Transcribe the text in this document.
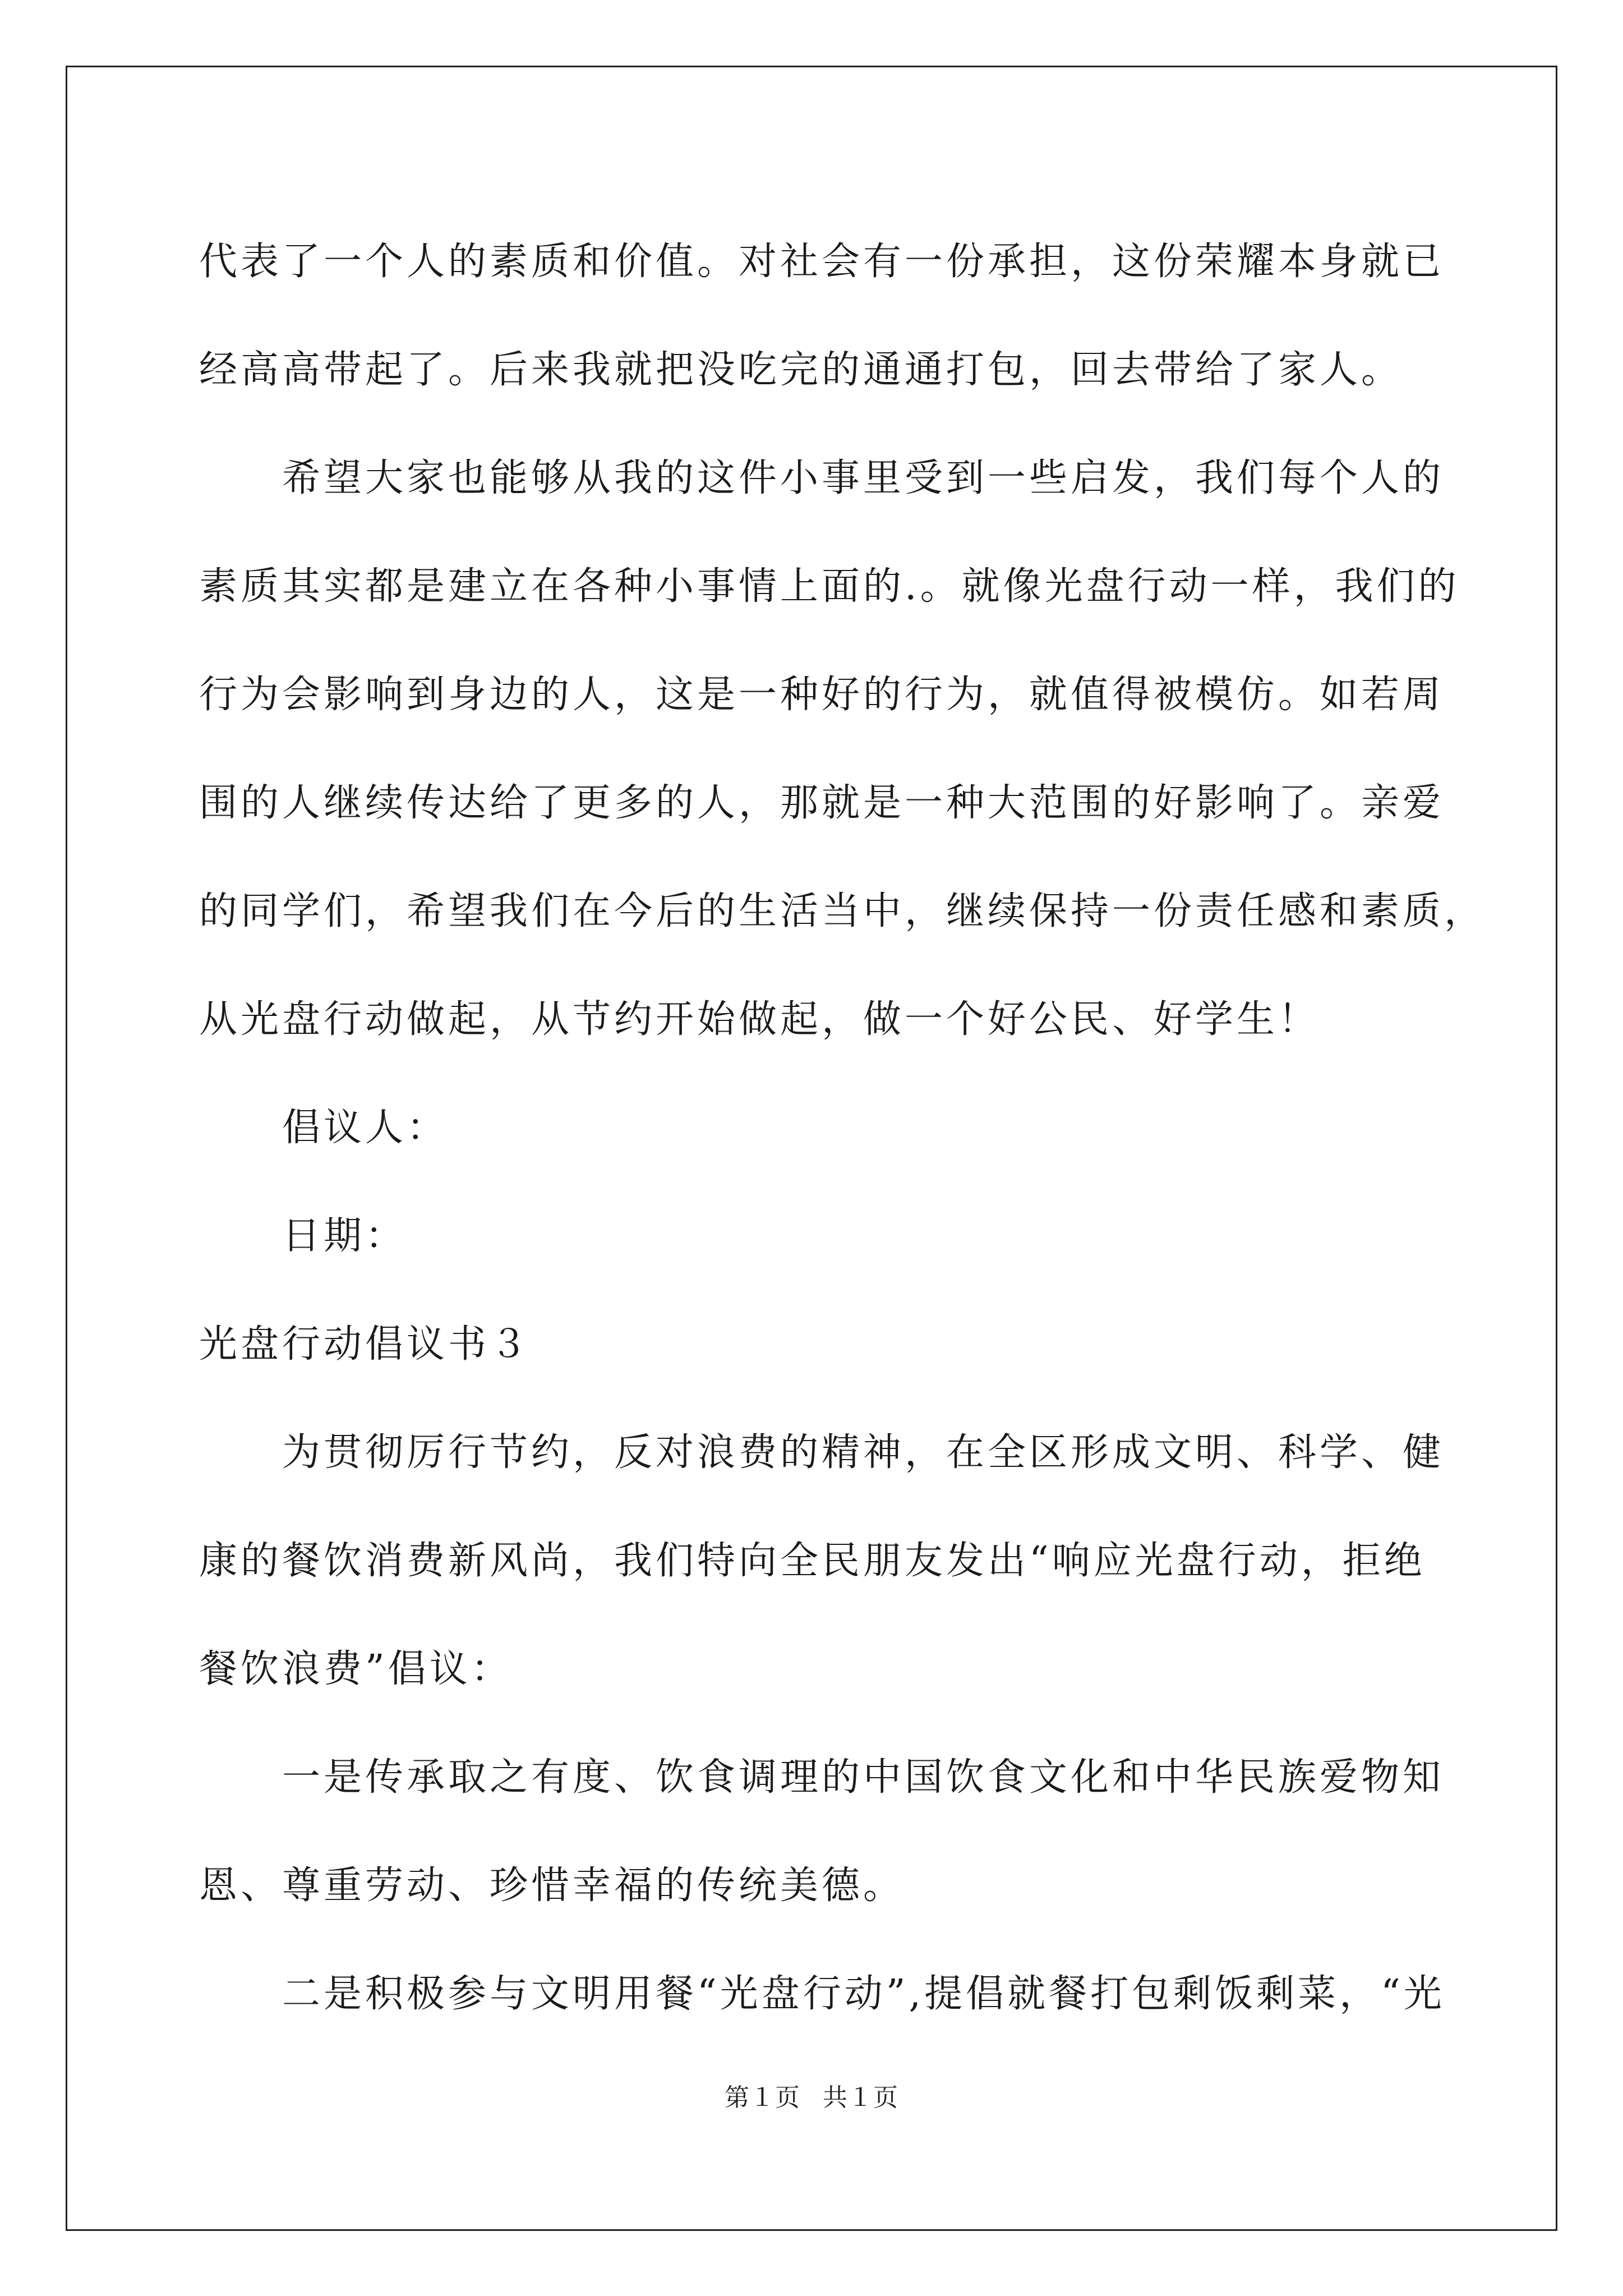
代表了一个人的素质和价值。对社会有一份承担，这份荣耀本身就已
经高高带起了。后来我就把没吃完的通通打包，回去带给了家人。
希望大家也能够从我的这件小事里受到一些启发，我们每个人的
素质其实都是建立在各种小事情上面的.。就像光盘行动一样，我们的
行为会影响到身边的人，这是一种好的行为，就值得被模仿。如若周
围的人继续传达给了更多的人，那就是一种大范围的好影响了。亲爱
的同学们，希望我们在今后的生活当中，继续保持一份责任感和素质，
从光盘行动做起，从节约开始做起，做一个好公民、好学生！
倡议人：
日期：
光盘行动倡议书３
为贯彻厉行节约，反对浪费的精神，在全区形成文明、科学、健
康的餐饮消费新风尚，我们特向全民朋友发出“响应光盘行动，拒绝
餐饮浪费”倡议：
一是传承取之有度、饮食调理的中国饮食文化和中华民族爱物知
恩、尊重劳动、珍惜幸福的传统美德。
二是积极参与文明用餐“光盘行动”,提倡就餐打包剩饭剩菜，“光
第１页 共１页
